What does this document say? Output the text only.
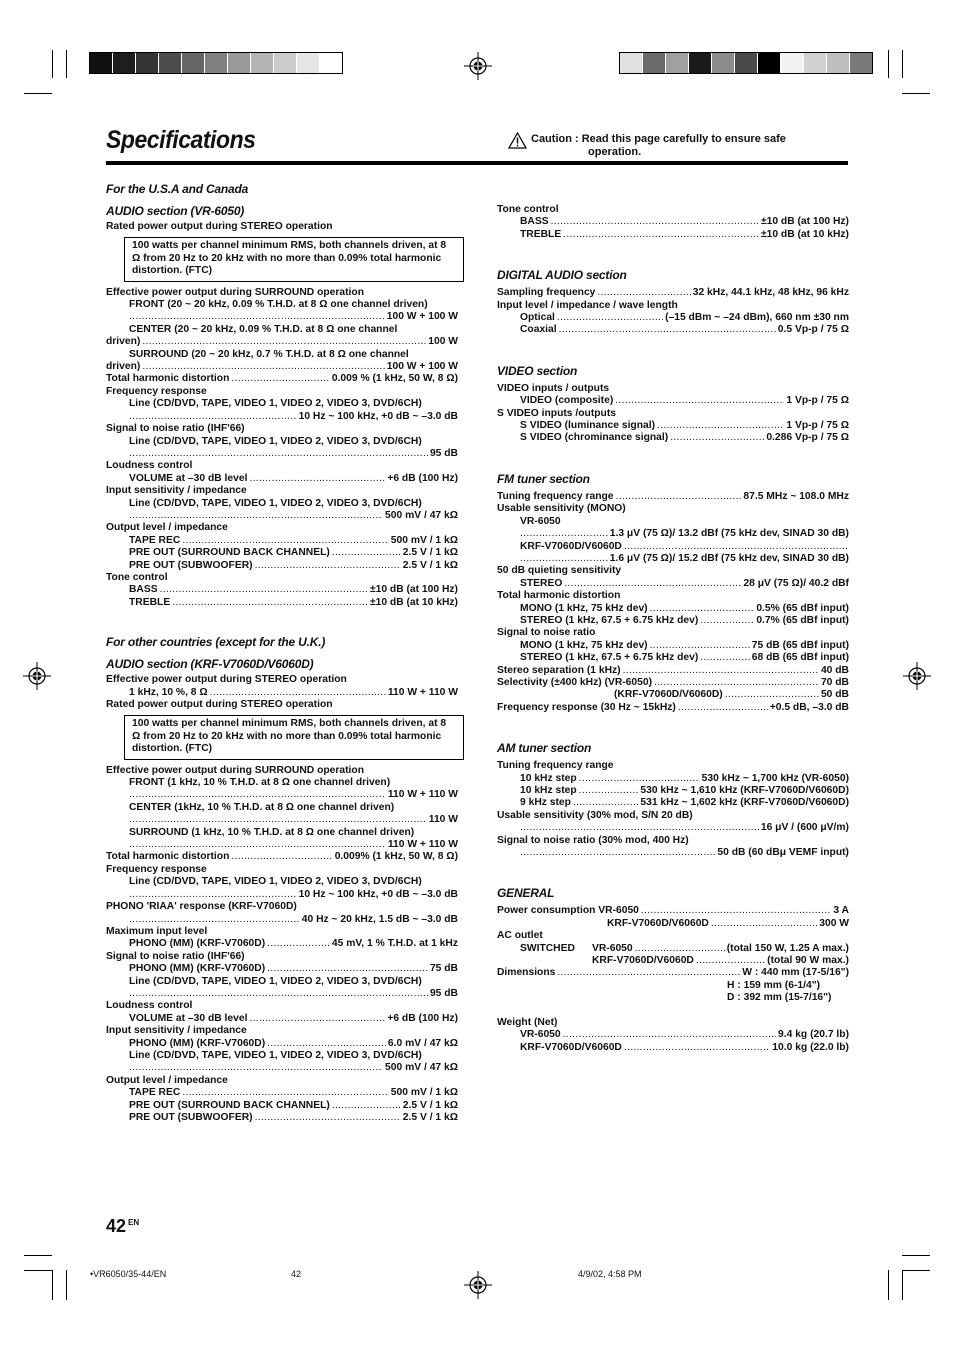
Specifications	Caution : Read this page carefully to ensure safe
operation.

For the U.S.A and Canada

AUDIO section (VR-6050)

Rated power output during STEREO operation
100 watts per channel minimum RMS, both channels driven, at 8 Ω from 20 Hz to 20 kHz with no more than 0.09% total harmonic distortion. (FTC)
Effective power output during SURROUND operation
FRONT (20 ~ 20 kHz, 0.09 % T.H.D. at 8 Ω one channel driven)
.....
100 W + 100 W
CENTER (20 ~ 20 kHz, 0.09 % T.H.D. at 8 Ω one channel
driven) .....	100 W
SURROUND (20 ~ 20 kHz, 0.7 % T.H.D. at 8 Ω one channel
driven) .....	100 W + 100 W
Total harmonic distortion .....	0.009 % (1 kHz, 50 W, 8 Ω)
Frequency response
Line (CD/DVD, TAPE, VIDEO 1, VIDEO 2, VIDEO 3, DVD/6CH)
.....
10 Hz ~ 100 kHz, +0 dB ~ –3.0 dB
Signal to noise ratio (IHF'66)
Line (CD/DVD, TAPE, VIDEO 1, VIDEO 2, VIDEO 3, DVD/6CH)
.....
95 dB
Loudness control
VOLUME at –30 dB level .....	+6 dB (100 Hz)
Input sensitivity / impedance
Line (CD/DVD, TAPE, VIDEO 1, VIDEO 2, VIDEO 3, DVD/6CH)
.....
500 mV / 47 kΩ
Output level / impedance
TAPE REC .....	500 mV / 1 kΩ
PRE OUT (SURROUND BACK CHANNEL) .....	2.5 V / 1 kΩ
PRE OUT (SUBWOOFER) .....	2.5 V / 1 kΩ
Tone control
BASS .....	±10 dB (at 100 Hz)
TREBLE .....	±10 dB (at 10 kHz)

For other countries (except for the U.K.)

AUDIO section (KRF-V7060D/V6060D)

Effective power output during STEREO operation
1 kHz, 10 %, 8 Ω .....	110 W + 110 W
Rated power output during STEREO operation
100 watts per channel minimum RMS, both channels driven, at 8 Ω from 20 Hz to 20 kHz with no more than 0.09% total harmonic distortion. (FTC)
Effective power output during SURROUND operation
FRONT (1 kHz, 10 % T.H.D. at 8 Ω one channel driven)
.....
110 W + 110 W
CENTER (1kHz, 10 % T.H.D. at 8 Ω one channel driven)
.....
110 W
SURROUND (1 kHz, 10 % T.H.D. at 8 Ω one channel driven)
.....
110 W + 110 W
Total harmonic distortion .....	0.009% (1 kHz, 50 W, 8 Ω)
Frequency response
Line (CD/DVD, TAPE, VIDEO 1, VIDEO 2, VIDEO 3, DVD/6CH)
.....
10 Hz ~ 100 kHz, +0 dB ~ –3.0 dB
PHONO 'RIAA' response (KRF-V7060D)
.....
40 Hz ~ 20 kHz, 1.5 dB ~ –3.0 dB
Maximum input level
PHONO (MM) (KRF-V7060D) .....	45 mV, 1 % T.H.D. at 1 kHz
Signal to noise ratio (IHF'66)
PHONO (MM) (KRF-V7060D) .....	75 dB
Line (CD/DVD, TAPE, VIDEO 1, VIDEO 2, VIDEO 3, DVD/6CH)
.....
95 dB
Loudness control
VOLUME at –30 dB level .....	+6 dB (100 Hz)
Input sensitivity / impedance
PHONO (MM) (KRF-V7060D) .....	6.0 mV / 47 kΩ
Line (CD/DVD, TAPE, VIDEO 1, VIDEO 2, VIDEO 3, DVD/6CH)
.....
500 mV / 47 kΩ
Output level / impedance
TAPE REC .....	500 mV / 1 kΩ
PRE OUT (SURROUND BACK CHANNEL) .....	2.5 V / 1 kΩ
PRE OUT (SUBWOOFER) .....	2.5 V / 1 kΩ
Tone control
BASS .....	±10 dB (at 100 Hz)
TREBLE .....	±10 dB (at 10 kHz)

DIGITAL AUDIO section

Sampling frequency .....	32 kHz, 44.1 kHz, 48 kHz, 96 kHz
Input level / impedance / wave length
Optical .....	(–15 dBm ~ –24 dBm), 660 nm ±30 nm
Coaxial .....	0.5 Vp-p / 75 Ω

VIDEO section

VIDEO inputs / outputs
VIDEO (composite) .....	1 Vp-p / 75 Ω
S VIDEO inputs /outputs
S VIDEO (luminance signal) .....	1 Vp-p / 75 Ω
S VIDEO (chrominance signal) .....	0.286 Vp-p / 75 Ω

FM tuner section

Tuning frequency range .....	87.5 MHz ~ 108.0 MHz
Usable sensitivity (MONO)
VR-6050
.....
1.3 μV (75 Ω)/ 13.2 dBf (75 kHz dev, SINAD 30 dB)
KRF-V7060D/V6060D
.....
.....
1.6 μV (75 Ω)/ 15.2 dBf (75 kHz dev, SINAD 30 dB)
50 dB quieting sensitivity
STEREO .....	28 μV (75 Ω)/ 40.2 dBf
Total harmonic distortion
MONO (1 kHz, 75 kHz dev) .....	0.5% (65 dBf input)
STEREO (1 kHz, 67.5 + 6.75 kHz dev) .....	0.7% (65 dBf input)
Signal to noise ratio
MONO (1 kHz, 75 kHz dev) .....	75 dB (65 dBf input)
STEREO (1 kHz, 67.5 + 6.75 kHz dev) .....	68 dB (65 dBf input)
Stereo separation (1 kHz) .....	40 dB
Selectivity (±400 kHz) (VR-6050) .....	70 dB
(KRF-V7060D/V6060D) .....	50 dB
Frequency response (30 Hz ~ 15kHz) .....	+0.5 dB, –3.0 dB

AM tuner section

Tuning frequency range
10 kHz step .....	530 kHz ~ 1,700 kHz (VR-6050)
10 kHz step .....	530 kHz ~ 1,610 kHz (KRF-V7060D/V6060D)
9 kHz step .....	531 kHz ~ 1,602 kHz (KRF-V7060D/V6060D)
Usable sensitivity (30% mod, S/N 20 dB)
.....
16 μV / (600 μV/m)
Signal to noise ratio (30% mod, 400 Hz)
.....
50 dB (60 dBμ VEMF input)

GENERAL

Power consumption VR-6050 .....	3 A
KRF-V7060D/V6060D .....	300 W
AC outlet
SWITCHED	VR-6050 .....	(total 150 W, 1.25 A max.)
KRF-V7060D/V6060D .....	(total 90 W max.)
Dimensions .....	W : 440 mm (17-5/16")
H : 159 mm (6-1/4")
D : 392 mm (15-7/16")
Weight (Net)
VR-6050 .....	9.4 kg (20.7 lb)
KRF-V7060D/V6060D .....	10.0 kg (22.0 lb)
42 $^{EN}$
•VR6050/35-44/EN	42	4/9/02, 4:58 PM
